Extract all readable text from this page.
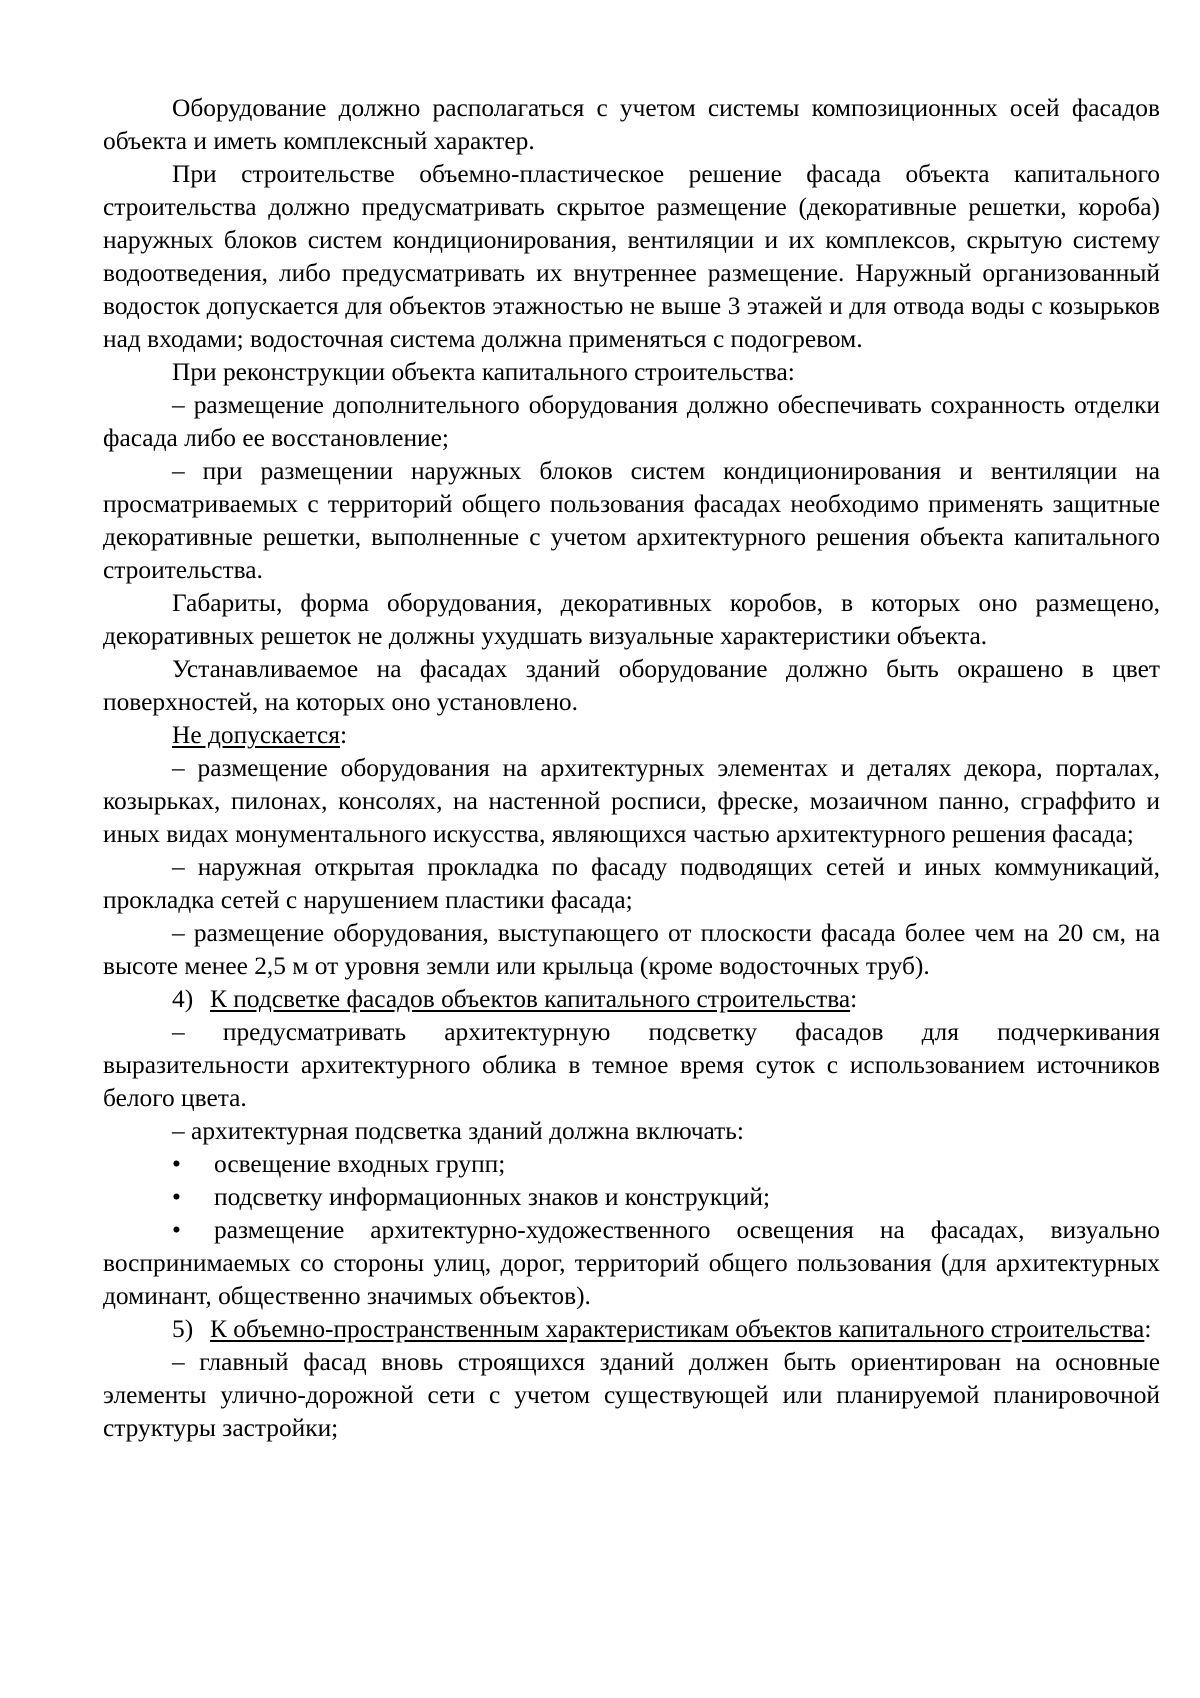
Оборудование должно располагаться с учетом системы композиционных осей фасадов объекта и иметь комплексный характер.

При строительстве объемно-пластическое решение фасада объекта капитального строительства должно предусматривать скрытое размещение (декоративные решетки, короба) наружных блоков систем кондиционирования, вентиляции и их комплексов, скрытую систему водоотведения, либо предусматривать их внутреннее размещение. Наружный организованный водосток допускается для объектов этажностью не выше 3 этажей и для отвода воды с козырьков над входами; водосточная система должна применяться с подогревом.

При реконструкции объекта капитального строительства:

– размещение дополнительного оборудования должно обеспечивать сохранность отделки фасада либо ее восстановление;

– при размещении наружных блоков систем кондиционирования и вентиляции на просматриваемых с территорий общего пользования фасадах необходимо применять защитные декоративные решетки, выполненные с учетом архитектурного решения объекта капитального строительства.

Габариты, форма оборудования, декоративных коробов, в которых оно размещено, декоративных решеток не должны ухудшать визуальные характеристики объекта.

Устанавливаемое на фасадах зданий оборудование должно быть окрашено в цвет поверхностей, на которых оно установлено.

Не допускается:

– размещение оборудования на архитектурных элементах и деталях декора, порталах, козырьках, пилонах, консолях, на настенной росписи, фреске, мозаичном панно, сграффито и иных видах монументального искусства, являющихся частью архитектурного решения фасада;

– наружная открытая прокладка по фасаду подводящих сетей и иных коммуникаций, прокладка сетей с нарушением пластики фасада;

– размещение оборудования, выступающего от плоскости фасада более чем на 20 см, на высоте менее 2,5 м от уровня земли или крыльца (кроме водосточных труб).

4) К подсветке фасадов объектов капитального строительства:

– предусматривать архитектурную подсветку фасадов для подчеркивания выразительности архитектурного облика в темное время суток с использованием источников белого цвета.

– архитектурная подсветка зданий должна включать:

• освещение входных групп;

• подсветку информационных знаков и конструкций;

• размещение архитектурно-художественного освещения на фасадах, визуально воспринимаемых со стороны улиц, дорог, территорий общего пользования (для архитектурных доминант, общественно значимых объектов).

5) К объемно-пространственным характеристикам объектов капитального строительства:

– главный фасад вновь строящихся зданий должен быть ориентирован на основные элементы улично-дорожной сети с учетом существующей или планируемой планировочной структуры застройки;
